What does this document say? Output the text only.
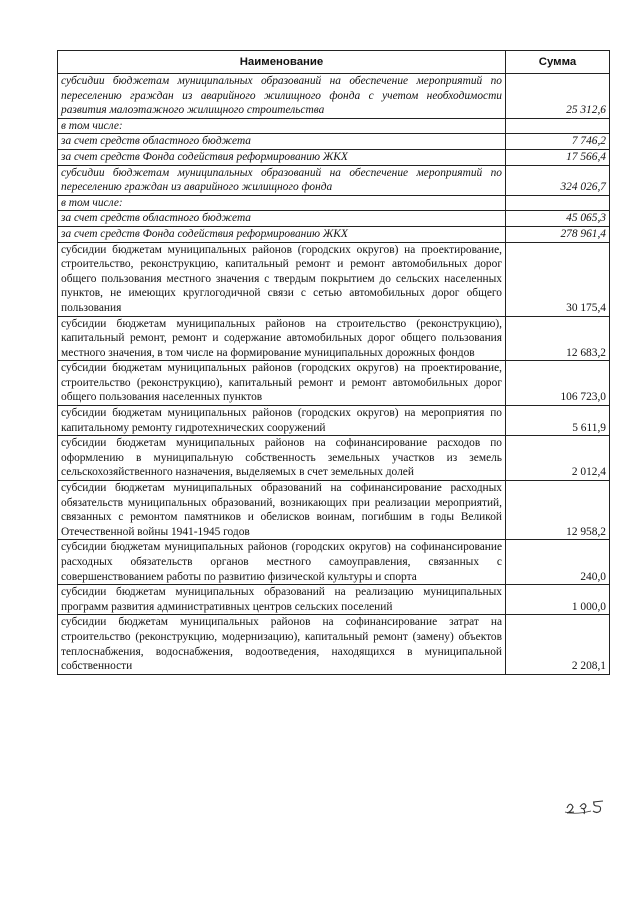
Наименование	Сумма
субсидии бюджетам муниципальных образований на обеспечение мероприятий по переселению граждан из аварийного жилищного фонда с учетом необходимости развития малоэтажного жилищного строительства	25 312,6
в том числе:	
за счет средств областного бюджета	7 746,2
за счет средств Фонда содействия реформированию ЖКХ	17 566,4
субсидии бюджетам муниципальных образований на обеспечение мероприятий по переселению граждан из аварийного жилищного фонда	324 026,7
в том числе:	
за счет средств областного бюджета	45 065,3
за счет средств Фонда содействия реформированию ЖКХ	278 961,4
субсидии бюджетам муниципальных районов (городских округов) на проектирование, строительство, реконструкцию, капитальный ремонт и ремонт автомобильных дорог общего пользования местного значения с твердым покрытием до сельских населенных пунктов, не имеющих круглогодичной связи с сетью автомобильных дорог общего пользования	30 175,4
субсидии бюджетам муниципальных районов на строительство (реконструкцию), капитальный ремонт, ремонт и содержание автомобильных дорог общего пользования местного значения, в том числе на формирование муниципальных дорожных фондов	12 683,2
субсидии бюджетам муниципальных районов (городских округов) на проектирование, строительство (реконструкцию), капитальный ремонт и ремонт автомобильных дорог общего пользования населенных пунктов	106 723,0
субсидии бюджетам муниципальных районов (городских округов) на мероприятия по капитальному ремонту гидротехнических сооружений	5 611,9
субсидии бюджетам муниципальных районов на софинансирование расходов по оформлению в муниципальную собственность земельных участков из земель сельскохозяйственного назначения, выделяемых в счет земельных долей	2 012,4
субсидии бюджетам муниципальных образований на софинансирование расходных обязательств муниципальных образований, возникающих при реализации мероприятий, связанных с ремонтом памятников и обелисков воинам, погибшим в годы Великой Отечественной войны 1941-1945 годов	12 958,2
субсидии бюджетам муниципальных районов (городских округов) на софинансирование расходных обязательств органов местного самоуправления, связанных с совершенствованием работы по развитию физической культуры и спорта	240,0
субсидии бюджетам муниципальных образований на реализацию муниципальных программ развития административных центров сельских поселений	1 000,0
субсидии бюджетам муниципальных районов на софинансирование затрат на строительство (реконструкцию, модернизацию), капитальный ремонт (замену) объектов теплоснабжения, водоснабжения, водоотведения, находящихся в муниципальной собственности	2 208,1
